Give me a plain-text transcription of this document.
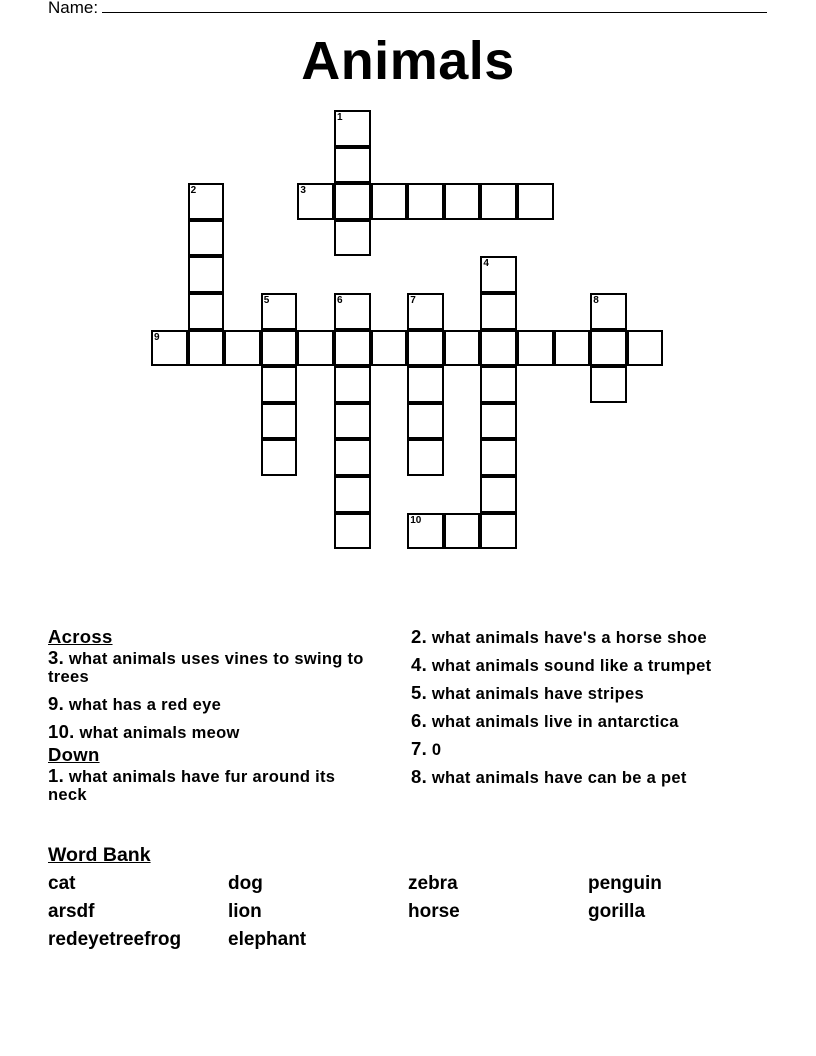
Name:
Animals
1
3
2
9
5	6	7
4
8
10
Across
3. what animals uses vines to swing to trees
9. what has a red eye
10. what animals meow
Down
1. what animals have fur around its neck
2. what animals have's a horse shoe
4. what animals sound like a trumpet
5. what animals have stripes
6. what animals live in antarctica
7. 0
8. what animals have can be a pet
Word Bank
cat	dog	zebra	penguin
arsdf	lion	horse	gorilla
redeyetreefrog	elephant
